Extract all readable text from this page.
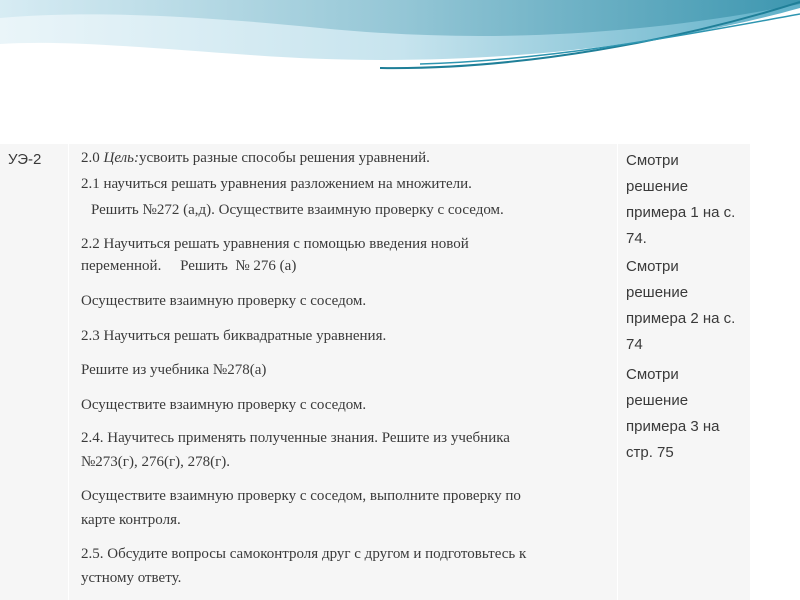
УЭ-2	2.0 Цель:усвоить разные способы решения уравнений.
2.1 научиться решать уравнения разложением на множители.
Решить №272 (а,д). Осуществите взаимную проверку с соседом.
2.2 Научиться решать уравнения с помощью введения новой
переменной.     Решить  № 276 (а)
Осуществите взаимную проверку с соседом.
2.3 Научиться решать биквадратные уравнения.
Решите из учебника №278(а)
Осуществите взаимную проверку с соседом.
2.4. Научитесь применять полученные знания. Решите из учебника
№273(г), 276(г), 278(г).
Осуществите взаимную проверку с соседом, выполните проверку по
карте контроля.
2.5. Обсудите вопросы самоконтроля друг с другом и подготовьтесь к
устному ответу.
Смотри
решение
примера 1 на с.
74.
Смотри
решение
примера 2 на с.
74
Смотри
решение
примера 3 на
стр. 75
